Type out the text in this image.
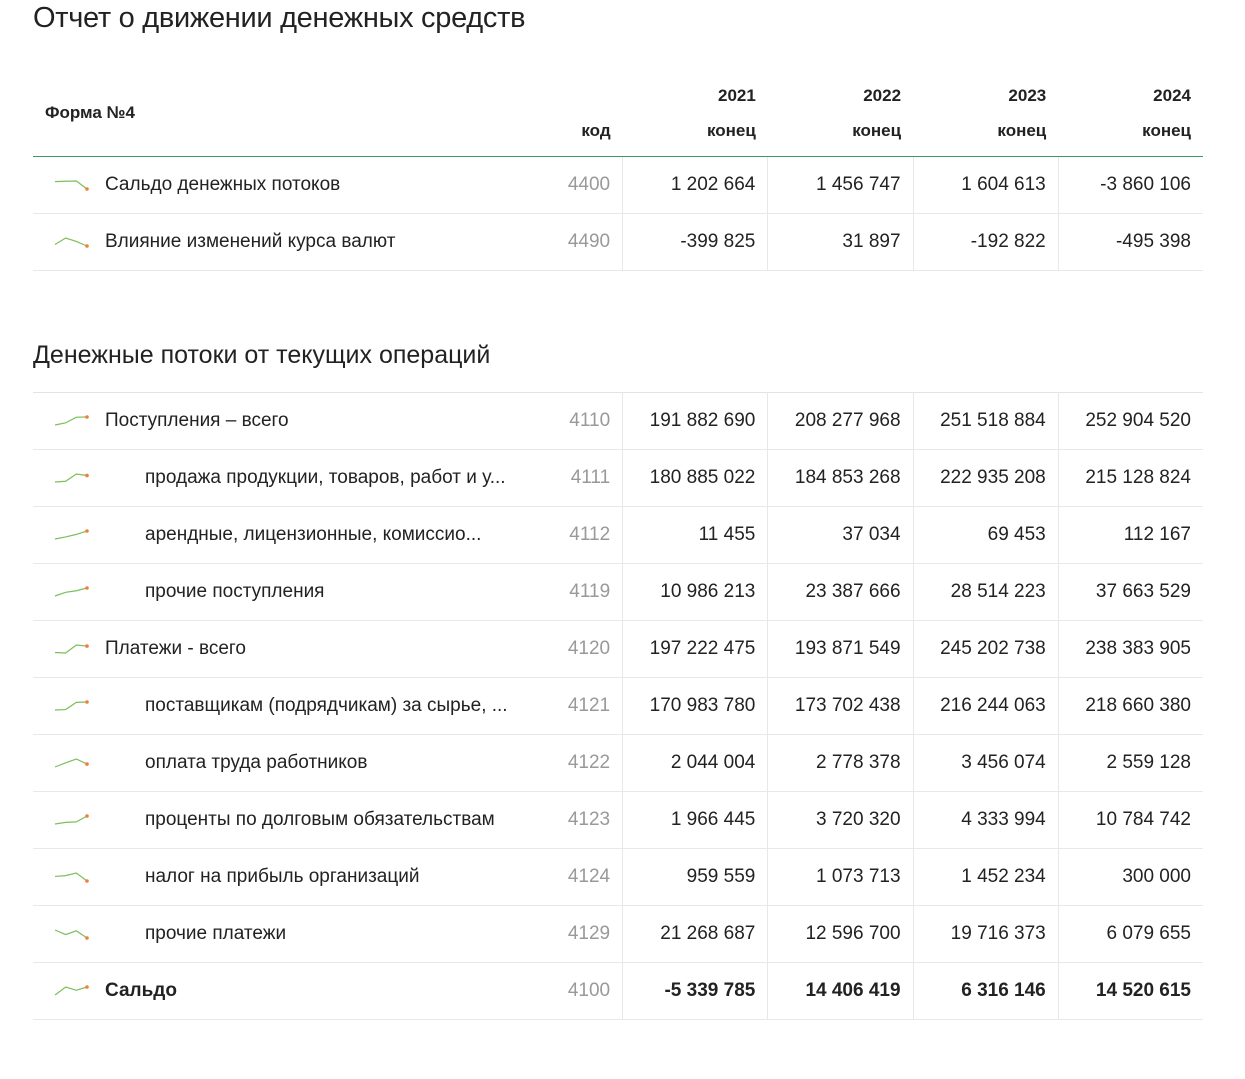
Отчет о движении денежных средств
Форма №4		2021	2022	2023	2024
	код	конец	конец	конец	конец
Сальдо денежных потоков	4400	1 202 664	1 456 747	1 604 613	-3 860 106
Влияние изменений курса валют	4490	-399 825	31 897	-192 822	-495 398
Денежные потоки от текущих операций
Поступления – всего	4110	191 882 690	208 277 968	251 518 884	252 904 520
продажа продукции, товаров, работ и у...	4111	180 885 022	184 853 268	222 935 208	215 128 824
арендные, лицензионные, комиссио...	4112	11 455	37 034	69 453	112 167
прочие поступления	4119	10 986 213	23 387 666	28 514 223	37 663 529
Платежи - всего	4120	197 222 475	193 871 549	245 202 738	238 383 905
поставщикам (подрядчикам) за сырье, ...	4121	170 983 780	173 702 438	216 244 063	218 660 380
оплата труда работников	4122	2 044 004	2 778 378	3 456 074	2 559 128
проценты по долговым обязательствам	4123	1 966 445	3 720 320	4 333 994	10 784 742
налог на прибыль организаций	4124	959 559	1 073 713	1 452 234	300 000
прочие платежи	4129	21 268 687	12 596 700	19 716 373	6 079 655
Сальдо	4100	-5 339 785	14 406 419	6 316 146	14 520 615
